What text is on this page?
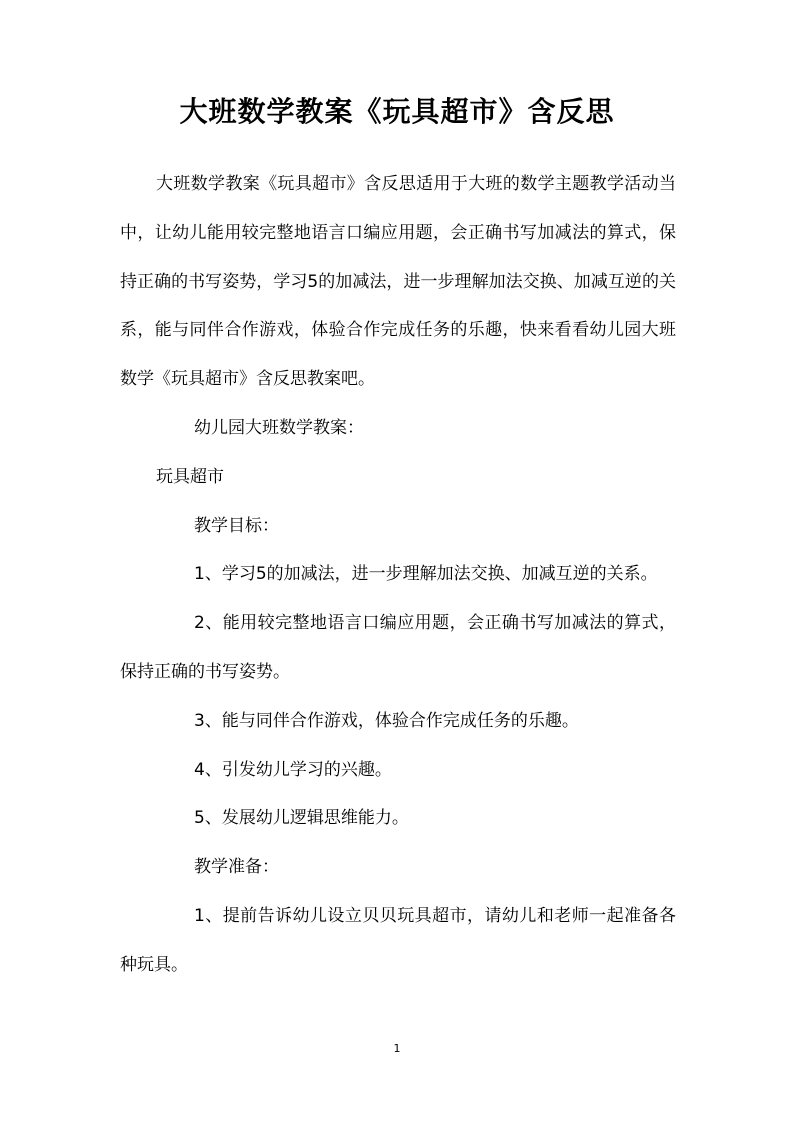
大班数学教案《玩具超市》含反思

大班数学教案《玩具超市》含反思适用于大班的数学主题教学活动当中，让幼儿能用较完整地语言口编应用题，会正确书写加减法的算式，保持正确的书写姿势，学习5的加减法，进一步理解加法交换、加减互逆的关系，能与同伴合作游戏，体验合作完成任务的乐趣，快来看看幼儿园大班数学《玩具超市》含反思教案吧。

幼儿园大班数学教案：

玩具超市

教学目标：

1、学习5的加减法，进一步理解加法交换、加减互逆的关系。

2、能用较完整地语言口编应用题，会正确书写加减法的算式，保持正确的书写姿势。

3、能与同伴合作游戏，体验合作完成任务的乐趣。

4、引发幼儿学习的兴趣。

5、发展幼儿逻辑思维能力。

教学准备：

1、提前告诉幼儿设立贝贝玩具超市，请幼儿和老师一起准备各种玩具。

1
